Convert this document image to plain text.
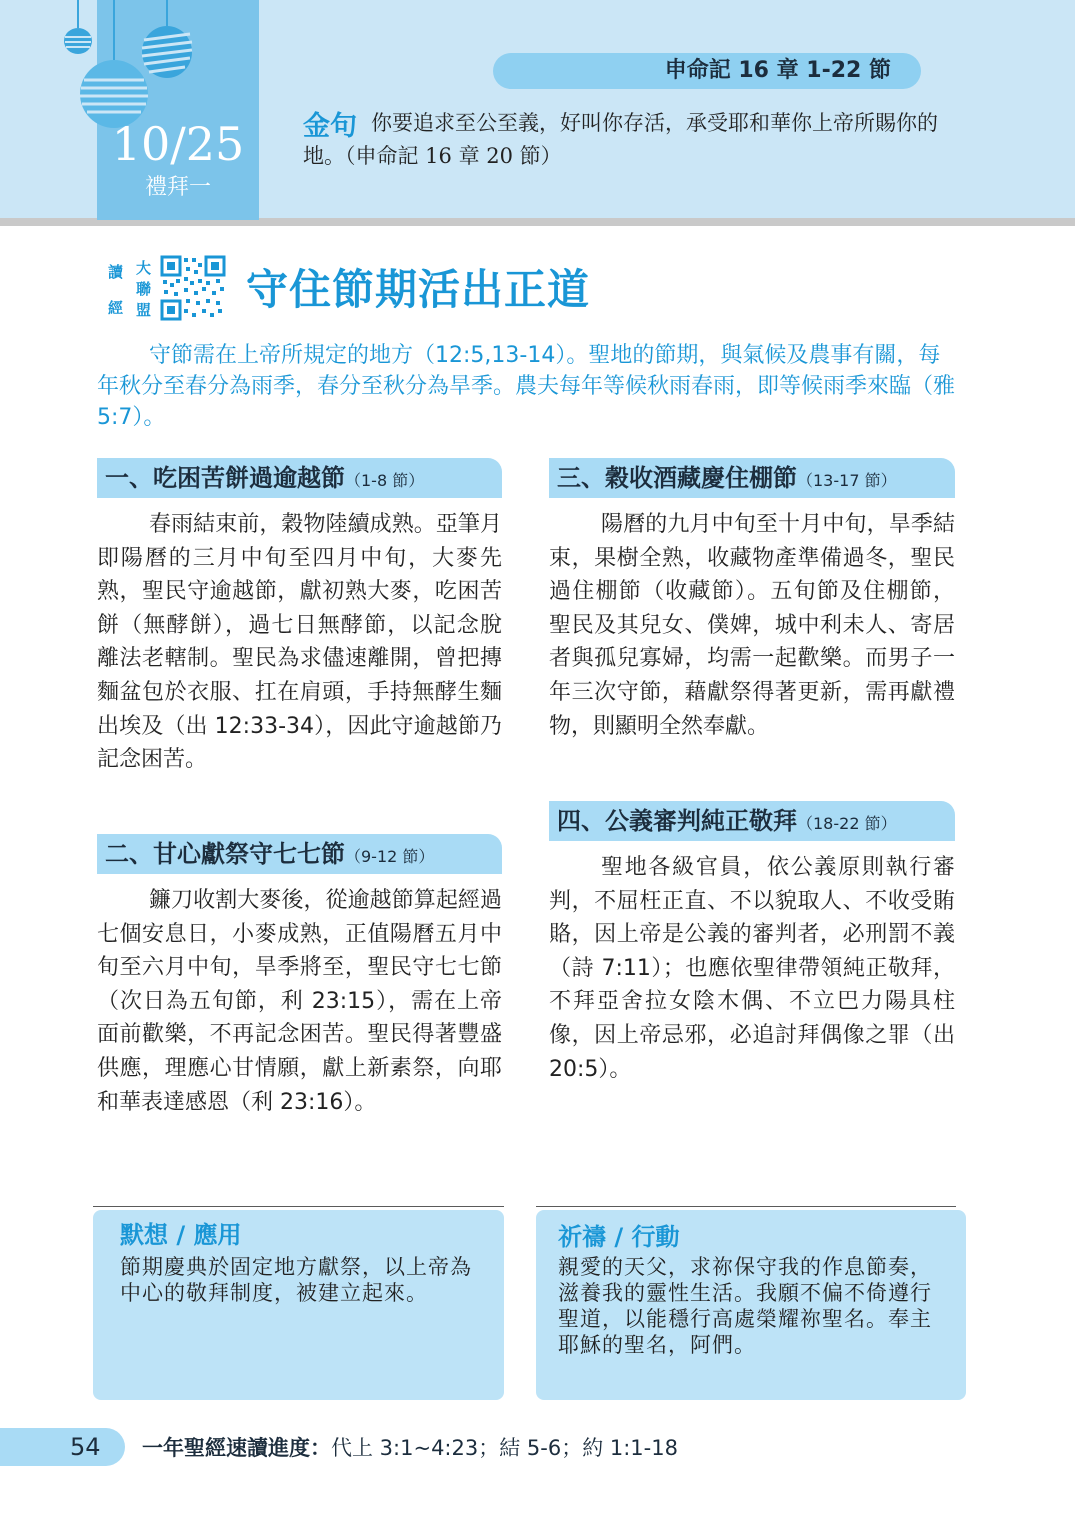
10/25
禮拜一
申命記 16 章 1-22 節
你要追求至公至義，好叫你存活，承受耶和華你上帝所賜你的地。（申命記 16 章 20 節）
金句
讀
經
大
聯
盟 守住節期活出正道
守節需在上帝所規定的地方（12:5,13-14）。聖地的節期，與氣候及農事有關，每年秋分至春分為雨季，春分至秋分為旱季。農夫每年等候秋雨春雨，即等候雨季來臨（雅 5:7）。
一、吃困苦餅過逾越節（1-8 節）
春雨結束前，穀物陸續成熟。亞筆月即陽曆的三月中旬至四月中旬，大麥先熟，聖民守逾越節，獻初熟大麥，吃困苦餅（無酵餅），過七日無酵節，以記念脫離法老轄制。聖民為求儘速離開，曾把摶麵盆包於衣服、扛在肩頭，手持無酵生麵出埃及（出 12:33-34），因此守逾越節乃記念困苦。
二、甘心獻祭守七七節（9-12 節）
鐮刀收割大麥後，從逾越節算起經過七個安息日，小麥成熟，正值陽曆五月中旬至六月中旬，旱季將至，聖民守七七節（次日為五旬節，利 23:15），需在上帝面前歡樂，不再記念困苦。聖民得著豐盛供應，理應心甘情願，獻上新素祭，向耶和華表達感恩（利 23:16）。
三、穀收酒藏慶住棚節（13-17 節）
陽曆的九月中旬至十月中旬，旱季結束，果樹全熟，收藏物產準備過冬，聖民過住棚節（收藏節）。五旬節及住棚節，聖民及其兒女、僕婢，城中利未人、寄居者與孤兒寡婦，均需一起歡樂。而男子一年三次守節，藉獻祭得著更新，需再獻禮物，則顯明全然奉獻。
四、公義審判純正敬拜（18-22 節）
聖地各級官員，依公義原則執行審判，不屈枉正直、不以貌取人、不收受賄賂，因上帝是公義的審判者，必刑罰不義（詩 7:11）；也應依聖律帶領純正敬拜，不拜亞舍拉女陰木偶、不立巴力陽具柱像，因上帝忌邪，必追討拜偶像之罪（出 20:5）。
默想 / 應用
節期慶典於固定地方獻祭，以上帝為中心的敬拜制度，被建立起來。
祈禱 / 行動
親愛的天父，求祢保守我的作息節奏，滋養我的靈性生活。我願不偏不倚遵行聖道，以能穩行高處榮耀祢聖名。奉主耶穌的聖名，阿們。
54 一年聖經速讀進度：代上 3:1~4:23；結 5-6；約 1:1-18
